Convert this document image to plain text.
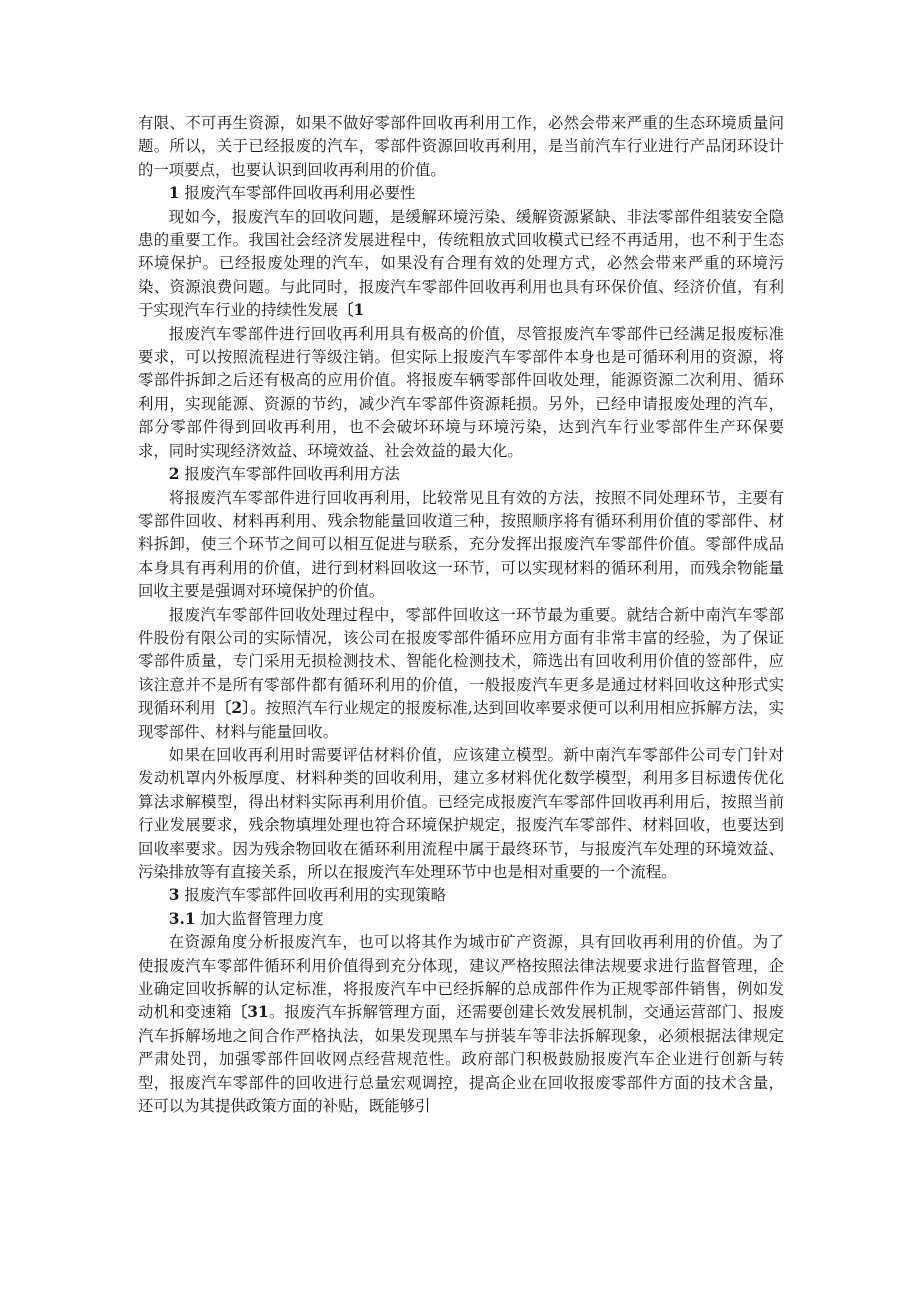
有限、不可再生资源，如果不做好零部件回收再利用工作，必然会带来严重的生态环境质量问题。所以，关于已经报废的汽车，零部件资源回收再利用，是当前汽车行业进行产品闭环设计的一项要点，也要认识到回收再利用的价值。

1 报废汽车零部件回收再利用必要性

现如今，报废汽车的回收问题，是缓解环境污染、缓解资源紧缺、非法零部件组装安全隐患的重要工作。我国社会经济发展进程中，传统粗放式回收模式已经不再适用，也不利于生态环境保护。已经报废处理的汽车，如果没有合理有效的处理方式，必然会带来严重的环境污染、资源浪费问题。与此同时，报废汽车零部件回收再利用也具有环保价值、经济价值，有利于实现汽车行业的持续性发展〔1

报废汽车零部件进行回收再利用具有极高的价值，尽管报废汽车零部件已经满足报废标准要求，可以按照流程进行等级注销。但实际上报废汽车零部件本身也是可循环利用的资源，将零部件拆卸之后还有极高的应用价值。将报废车辆零部件回收处理，能源资源二次利用、循环利用，实现能源、资源的节约，减少汽车零部件资源耗损。另外，已经申请报废处理的汽车，部分零部件得到回收再利用，也不会破坏环境与环境污染，达到汽车行业零部件生产环保要求，同时实现经济效益、环境效益、社会效益的最大化。

2 报废汽车零部件回收再利用方法

将报废汽车零部件进行回收再利用，比较常见且有效的方法，按照不同处理环节，主要有零部件回收、材料再利用、残余物能量回收道三种，按照顺序将有循环利用价值的零部件、材料拆卸，使三个环节之间可以相互促进与联系，充分发挥出报废汽车零部件价值。零部件成品本身具有再利用的价值，进行到材料回收这一环节，可以实现材料的循环利用，而残余物能量回收主要是强调对环境保护的价值。

报废汽车零部件回收处理过程中，零部件回收这一环节最为重要。就结合新中南汽车零部件股份有限公司的实际情况，该公司在报废零部件循环应用方面有非常丰富的经验，为了保证零部件质量，专门采用无损检测技术、智能化检测技术，筛选出有回收利用价值的签部件，应该注意并不是所有零部件都有循环利用的价值，一般报废汽车更多是通过材料回收这种形式实现循环利用〔2〕。按照汽车行业规定的报废标准,达到回收率要求便可以利用相应拆解方法，实现零部件、材料与能量回收。

如果在回收再利用时需要评估材料价值，应该建立模型。新中南汽车零部件公司专门针对发动机罩内外板厚度、材料种类的回收利用，建立多材料优化数学模型，利用多目标遗传优化算法求解模型，得出材料实际再利用价值。已经完成报废汽车零部件回收再利用后，按照当前行业发展要求，残余物填埋处理也符合环境保护规定，报废汽车零部件、材料回收，也要达到回收率要求。因为残余物回收在循环利用流程中属于最终环节，与报废汽车处理的环境效益、污染排放等有直接关系，所以在报废汽车处理环节中也是相对重要的一个流程。

3 报废汽车零部件回收再利用的实现策略

3.1 加大监督管理力度

在资源角度分析报废汽车，也可以将其作为城市矿产资源，具有回收再利用的价值。为了使报废汽车零部件循环利用价值得到充分体现，建议严格按照法律法规要求进行监督管理，企业确定回收拆解的认定标准，将报废汽车中已经拆解的总成部件作为正规零部件销售，例如发动机和变速箱〔31。报废汽车拆解管理方面，还需要创建长效发展机制，交通运营部门、报废汽车拆解场地之间合作严格执法，如果发现黑车与拼装车等非法拆解现象，必须根据法律规定严肃处罚，加强零部件回收网点经营规范性。政府部门积极鼓励报废汽车企业进行创新与转型，报废汽车零部件的回收进行总量宏观调控，提高企业在回收报废零部件方面的技术含量，还可以为其提供政策方面的补贴，既能够引
